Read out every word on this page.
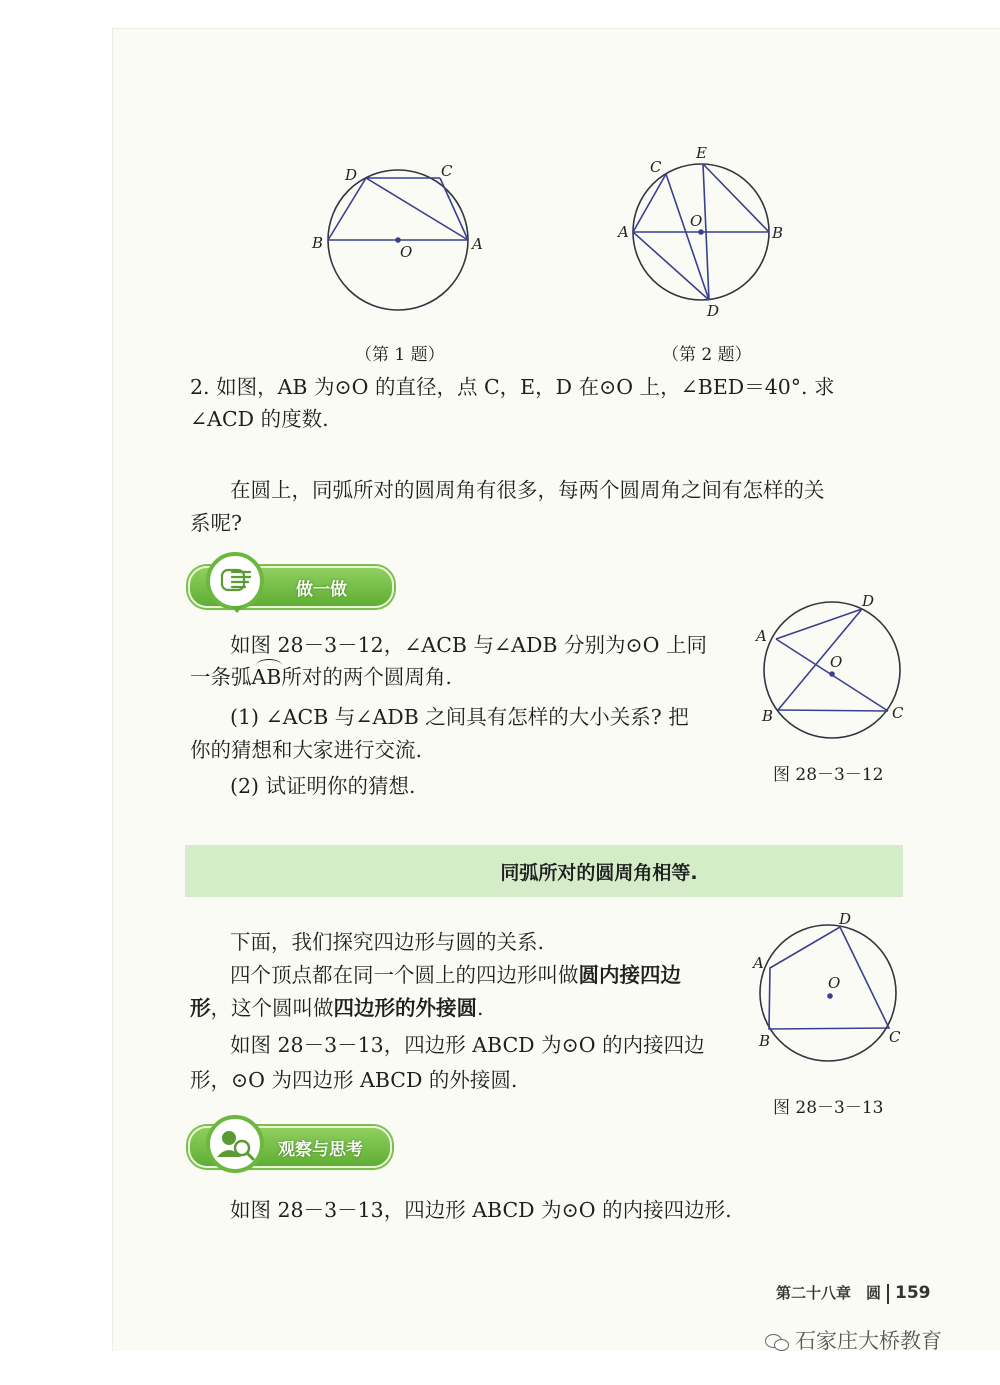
D	C
B	O	A
（第 1 题）
E
C
A
O
B
D
（第 2 题）
2. 如图，AB 为⊙O 的直径，点 C，E，D 在⊙O 上，∠BED＝40°. 求
∠ACD 的度数.
在圆上，同弧所对的圆周角有很多，每两个圆周角之间有怎样的关
系呢?
做一做
如图 28－3－12，∠ACB 与∠ADB 分别为⊙O 上同
一条弧AB所对的两个圆周角.
(1) ∠ACB 与∠ADB 之间具有怎样的大小关系? 把
你的猜想和大家进行交流.
(2) 试证明你的猜想.
D
A
O
B	C
图 28－3－12
同弧所对的圆周角相等.
下面，我们探究四边形与圆的关系.
四个顶点都在同一个圆上的四边形叫做圆内接四边
形，这个圆叫做四边形的外接圆.
如图 28－3－13，四边形 ABCD 为⊙O 的内接四边
形，⊙O 为四边形 ABCD 的外接圆.
D
A
O
B	C
图 28－3－13
观察与思考
如图 28－3－13，四边形 ABCD 为⊙O 的内接四边形.
第二十八章　圆 159
石家庄大桥教育
